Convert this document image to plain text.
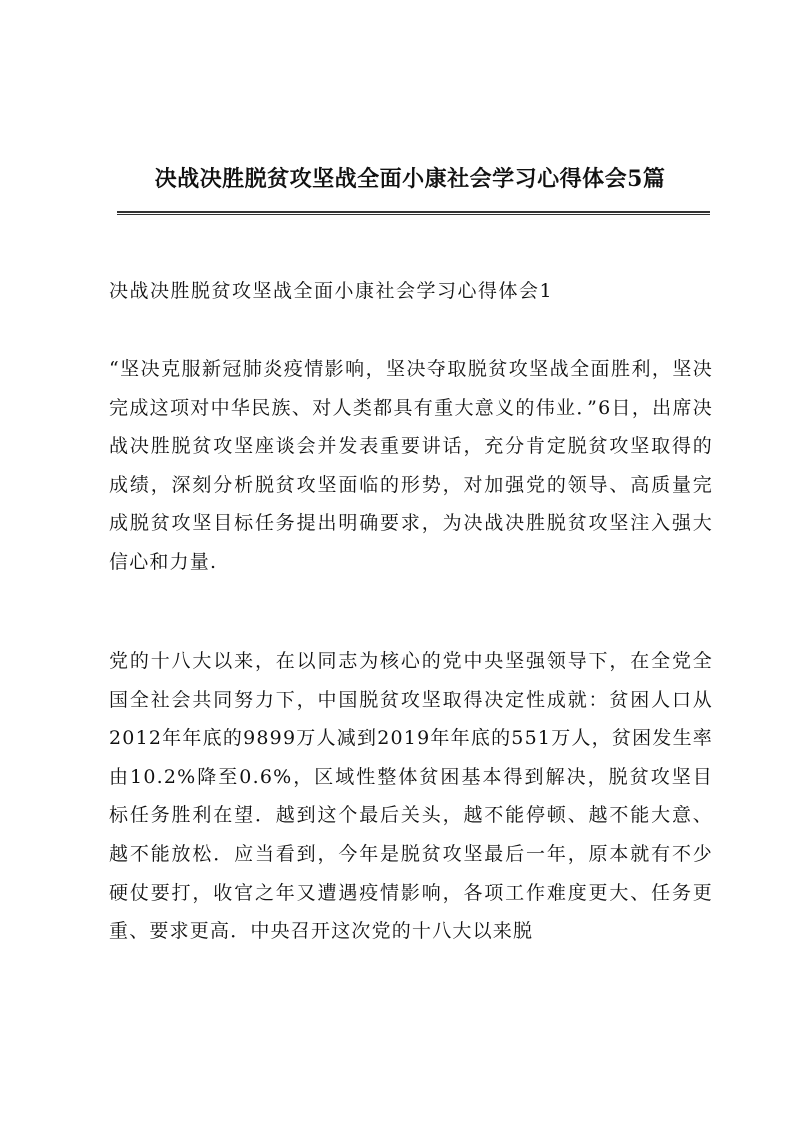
决战决胜脱贫攻坚战全面小康社会学习心得体会5篇
决战决胜脱贫攻坚战全面小康社会学习心得体会1

“坚决克服新冠肺炎疫情影响，坚决夺取脱贫攻坚战全面胜利，坚决完成这项对中华民族、对人类都具有重大意义的伟业．”6日，出席决战决胜脱贫攻坚座谈会并发表重要讲话，充分肯定脱贫攻坚取得的成绩，深刻分析脱贫攻坚面临的形势，对加强党的领导、高质量完成脱贫攻坚目标任务提出明确要求，为决战决胜脱贫攻坚注入强大信心和力量.

党的十八大以来，在以同志为核心的党中央坚强领导下，在全党全国全社会共同努力下，中国脱贫攻坚取得决定性成就：贫困人口从2012年年底的9899万人减到2019年年底的551万人，贫困发生率由10.2%降至0.6%，区域性整体贫困基本得到解决，脱贫攻坚目标任务胜利在望．越到这个最后关头，越不能停顿、越不能大意、越不能放松．应当看到，今年是脱贫攻坚最后一年，原本就有不少硬仗要打，收官之年又遭遇疫情影响，各项工作难度更大、任务更重、要求更高．中央召开这次党的十八大以来脱
